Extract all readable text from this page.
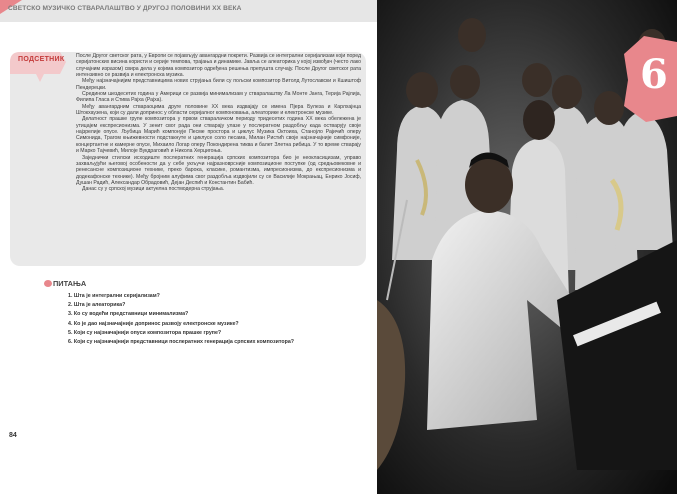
СВЕТСКО МУЗИЧКО СТВАРАЛАШТВО У ДРУГОЈ ПОЛОВИНИ XX ВЕКА
ПОДСЕТНИК После Другог светског рата, у Европи се појављују авангардни покрети. Развија се интегрални серијализам који поред серијатонских висина користи и серије темпова, трајања и динамике. Јавља се алеаторика у којој извођач (често лако случајним изразом) свира дела у којима композитор одређена решења препушта случају. После Другог светског рата интензивно се развија и електронска музика.

Међу најзначајнијим представницима нових струјања били су пољски композитор Витолд Лутославски и Кшиштоф Пендерецки.

Средином шездесетих година у Америци се развија минимализам у стваралаштву Ла Монте Јанга, Терија Рајлија, Филипа Гласа и Стива Рајха (Рајха).

Међу авангардним ствараоцима друге половине XX века издвајају се имена Пјера Булеза и Карлхајнца Штокхаузена, који су дали допринос у области серијалног компоновања, алеаторике и електронске музике.

Делатност прашке групе композитора у првом стваралачком периоду тридесетих година XX века обележена је утицајем експресионизма. У зенит свог рада они стварају улазе у послератном раздобљу када остварују своје најзрелије опусе. Љубица Марић компонује Песме простора и циклус Музика Октоиха, Станојло Рајичић оперу Симонида, Трагом књижевности подстакнуте и циклусе соло песама, Милан Ристић своје најзначајније симфоније, концертантне и камерне опусе, Михаило Логар оперу Покондирена тиква и балет Злетна рибица. У то време стварају и Марко Тајчевић, Милоје Вукдраговић и Никола Херцигоња.

Заједнички стилски исходиште послератних генерација српских композитора био је неокласицизам, управо захваљујући његовој особености да у себе укључи најразноврсније композиционе поступке (од средњовековне и ренесансне композиционе технике, преко барока, класике, романтизма, импресионизма, до експресионизма и додекафонске технике). Међу бројним алуфима свог раздобља издвојили су се Василије Мокрањац, Енрико Јосиф, Душан Радић, Александар Обрадовић, Дејан Деспић и Константин Бабић.

Данас су у српској музици актуелна постмодерна струјања.

ПИТАЊА
1. Шта је интегрални серијализам?
2. Шта је алеаторика?
3. Ко су водећи представници минимализма?
4. Ко је дао најзначајније допринос развоју електронске музике?
5. Који су најзначајнији опуси композитора прашке групе?
6. Који су најзначајнији представници послератних генерација српских композитора?
84
6
